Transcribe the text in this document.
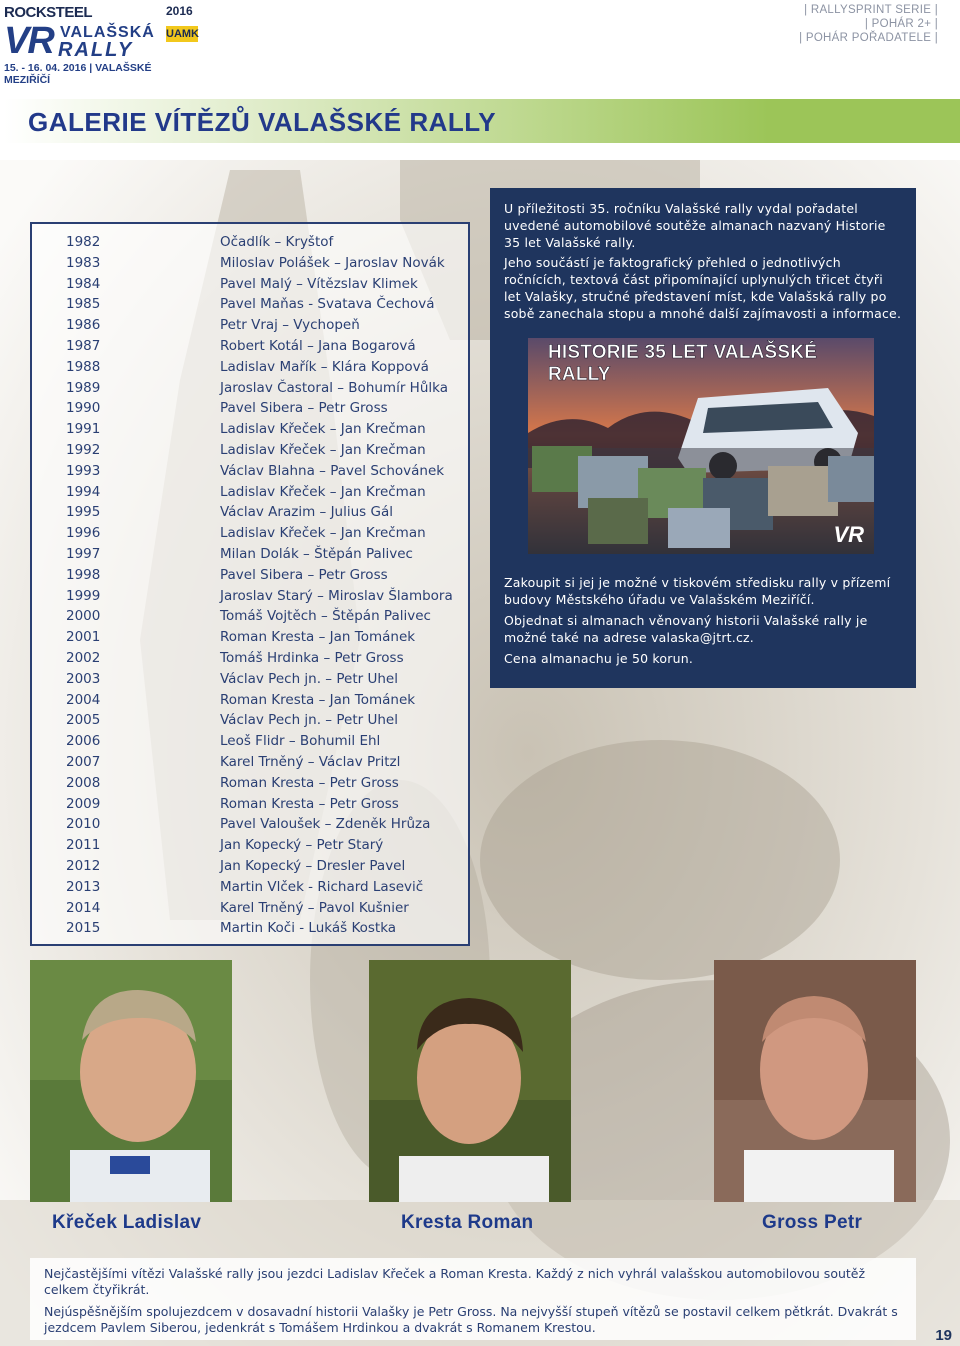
ROCKSTEEL	2016
VR VALAŠSKÁ
RALLY
UAMK
15. - 16. 04. 2016 | VALAŠSKÉ MEZIŘÍČÍ
| RALLYSPRINT SERIE |
| POHÁR 2+ |
| POHÁR POŘADATELE |
GALERIE VÍTĚZŮ VALAŠSKÉ RALLY
1982	Očadlík – Kryštof
1983	Miloslav Polášek – Jaroslav Novák
1984	Pavel Malý – Vítězslav Klimek
1985	Pavel Maňas - Svatava Čechová
1986	Petr Vraj – Vychopeň
1987	Robert Kotál – Jana Bogarová
1988	Ladislav Mařík – Klára Koppová
1989	Jaroslav Častoral – Bohumír Hůlka
1990	Pavel Sibera – Petr Gross
1991	Ladislav Křeček – Jan Krečman
1992	Ladislav Křeček – Jan Krečman
1993	Václav Blahna – Pavel Schovánek
1994	Ladislav Křeček – Jan Krečman
1995	Václav Arazim – Julius Gál
1996	Ladislav Křeček – Jan Krečman
1997	Milan Dolák – Štěpán Palivec
1998	Pavel Sibera – Petr Gross
1999	Jaroslav Starý – Miroslav Šlambora
2000	Tomáš Vojtěch – Štěpán Palivec
2001	Roman Kresta – Jan Tománek
2002	Tomáš Hrdinka – Petr Gross
2003	Václav Pech jn. – Petr Uhel
2004	Roman Kresta – Jan Tománek
2005	Václav Pech jn. – Petr Uhel
2006	Leoš Flidr – Bohumil Ehl
2007	Karel Trněný – Václav Pritzl
2008	Roman Kresta – Petr Gross
2009	Roman Kresta – Petr Gross
2010	Pavel Valoušek – Zdeněk Hrůza
2011	Jan Kopecký – Petr Starý
2012	Jan Kopecký – Dresler Pavel
2013	Martin Vlček - Richard Lasevič
2014	Karel Trněný – Pavol Kušnier
2015	Martin Koči - Lukáš Kostka

U příležitosti 35. ročníku Valašské rally vydal pořadatel uvedené automobilové soutěže almanach nazvaný Historie 35 let Valašské rally.

Jeho součástí je faktografický přehled o jednotlivých ročnících, textová část připomínající uplynulých třicet čtyři let Valašky, stručné představení míst, kde Valašská rally po sobě zanechala stopu a mnohé další zajímavosti a informace.

HISTORIE 35 LET VALAŠSKÉ RALLY
VR

Zakoupit si jej je možné v tiskovém středisku rally v přízemí budovy Městského úřadu ve Valašském Meziříčí.

Objednat si almanach věnovaný historii Valašské rally je možné také na adrese valaska@jtrt.cz.

Cena almanachu je 50 korun.

Křeček Ladislav	Kresta Roman	Gross Petr

Nejčastějšími vítězi Valašské rally jsou jezdci Ladislav Křeček a Roman Kresta. Každý z nich vyhrál valašskou automobilovou soutěž celkem čtyřikrát.

Nejúspěšnějším spolujezdcem v dosavadní historii Valašky je Petr Gross. Na nejvyšší stupeň vítězů se postavil celkem pětkrát. Dvakrát s jezdcem Pavlem Siberou, jedenkrát s Tomášem Hrdinkou a dvakrát s Romanem Krestou.	19
